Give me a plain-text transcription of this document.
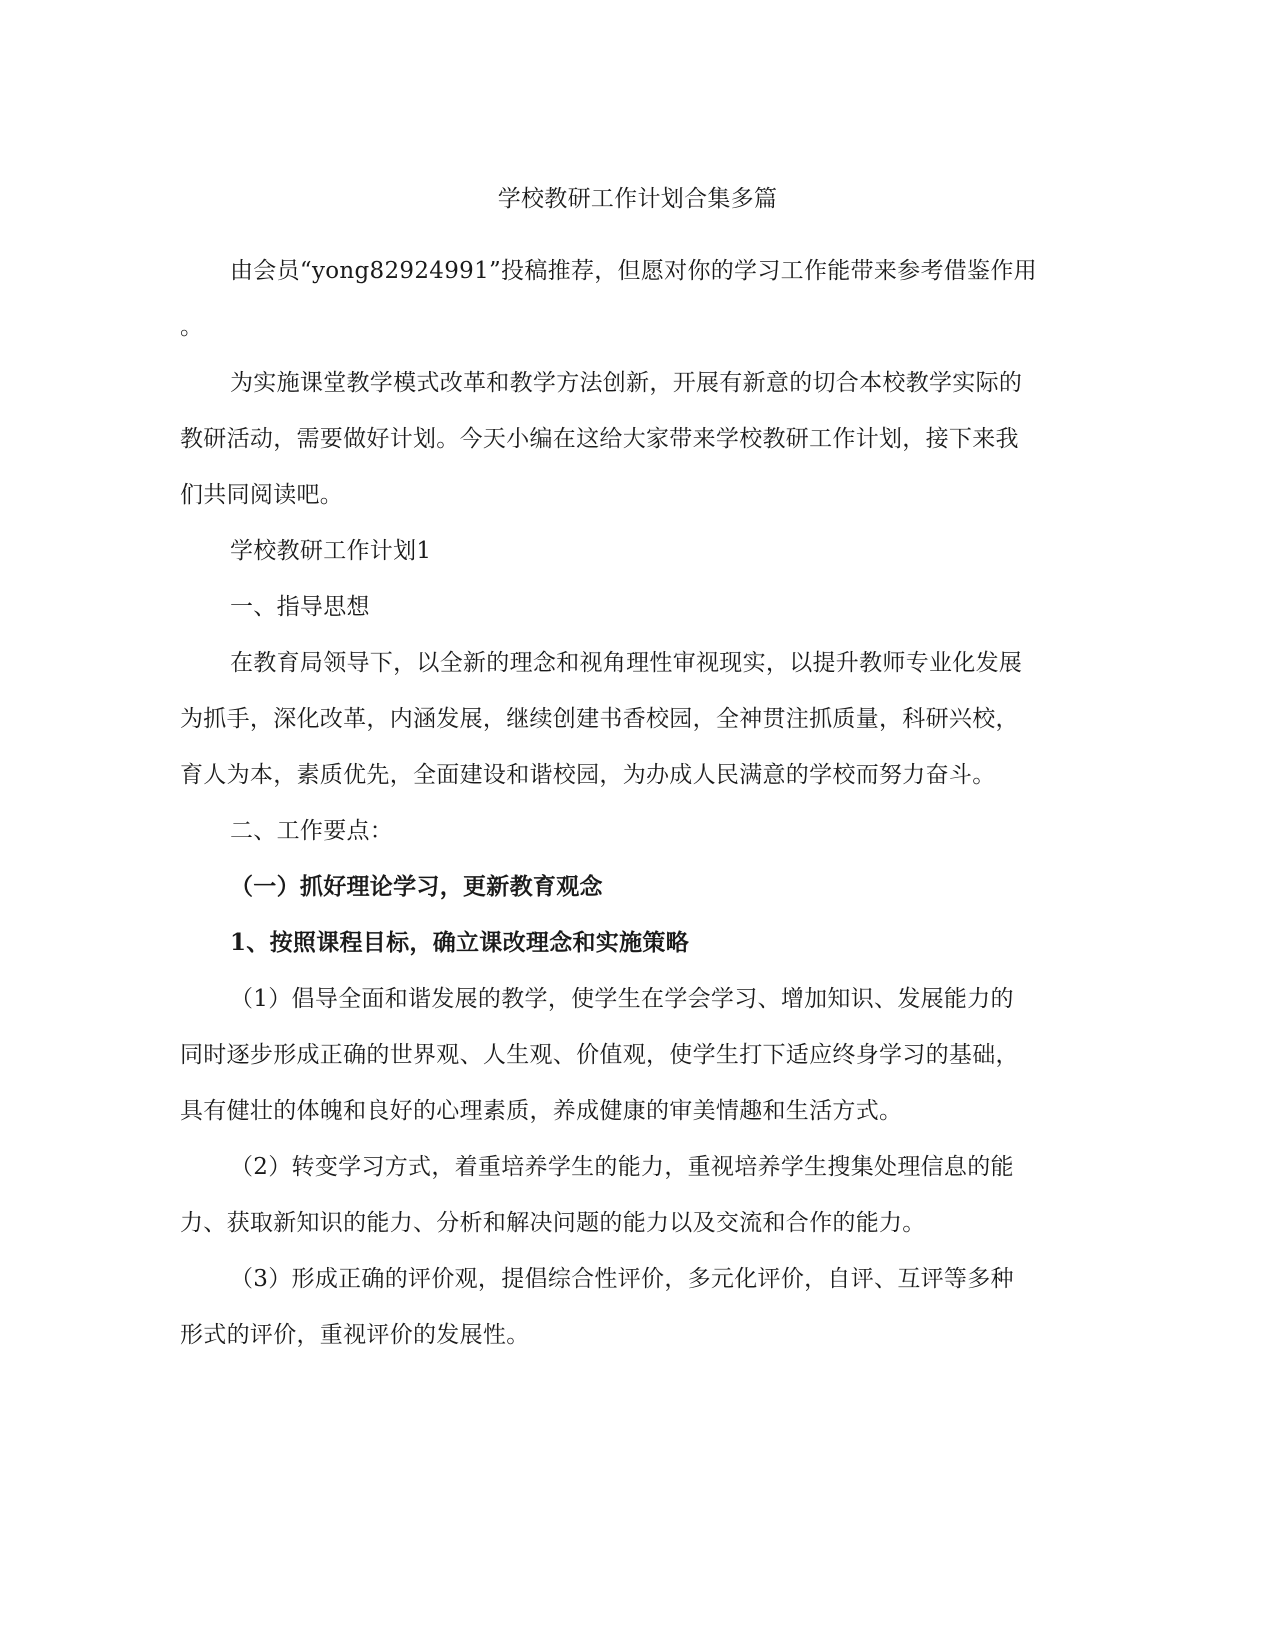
学校教研工作计划合集多篇
由会员“yong82924991”投稿推荐，但愿对你的学习工作能带来参考借鉴作用
。
为实施课堂教学模式改革和教学方法创新，开展有新意的切合本校教学实际的
教研活动，需要做好计划。今天小编在这给大家带来学校教研工作计划，接下来我
们共同阅读吧。
学校教研工作计划1
一、指导思想
在教育局领导下，以全新的理念和视角理性审视现实，以提升教师专业化发展
为抓手，深化改革，内涵发展，继续创建书香校园，全神贯注抓质量，科研兴校，
育人为本，素质优先，全面建设和谐校园，为办成人民满意的学校而努力奋斗。
二、工作要点：
（一）抓好理论学习，更新教育观念
1、按照课程目标，确立课改理念和实施策略
（1）倡导全面和谐发展的教学，使学生在学会学习、增加知识、发展能力的
同时逐步形成正确的世界观、人生观、价值观，使学生打下适应终身学习的基础，
具有健壮的体魄和良好的心理素质，养成健康的审美情趣和生活方式。
（2）转变学习方式，着重培养学生的能力，重视培养学生搜集处理信息的能
力、获取新知识的能力、分析和解决问题的能力以及交流和合作的能力。
（3）形成正确的评价观，提倡综合性评价，多元化评价，自评、互评等多种
形式的评价，重视评价的发展性。
